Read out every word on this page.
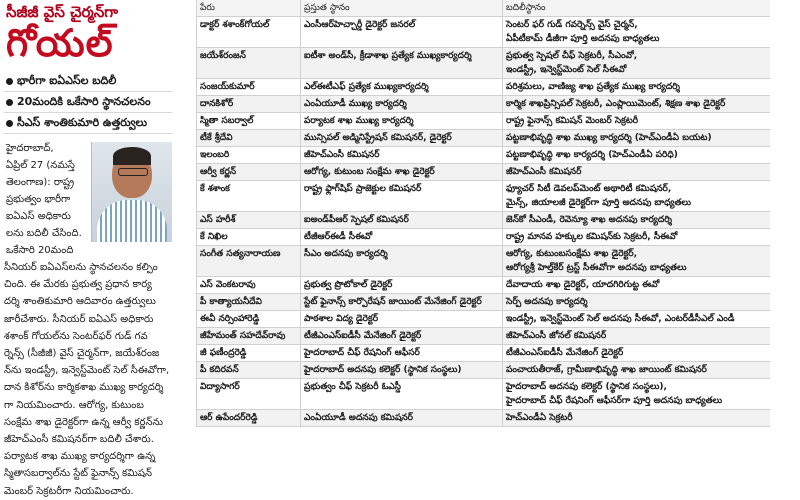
సీజీజీ వైస్ చైర్మన్‌గా
గోయల్
భారీగా ఐఏఎస్‌ల బదిలీ
20మందికి ఒకేసారి స్థానచలనం
సీఎస్ శాంతికుమారి ఉత్తర్వులు
హైదరాబాద్,
ఏప్రిల్ 27 (నమస్తే
తెలంగాణ): రాష్ట్ర
ప్రభుత్వం భారీగా
ఐఏఎస్ అధికారు
లను బదిలీ చేసింది.
ఒకేసారి 20మంది
సీనియర్ ఐఏఎస్‌లను స్థానచలనం కల్పిం
చింది. ఈ మేరకు ప్రభుత్వ ప్రధాన కార్య
దర్శి శాంతికుమారి ఆదివారం ఉత్తర్వులు
జారీచేశారు. సీనియర్ ఐఏఎస్ అధికారు
శశాంక్ గోయల్‌ను సెంటర్‌ఫర్ గుడ్ గవ
ర్నెన్స్ (సీజీజీ) వైస్ చైర్మన్‌గా, జయేశ్‌రంజ
న్‌ను ఇండస్ట్రీ, ఇన్వెస్ట్‌మెంట్ సెల్ సీఈవోగా,
దాన కిశోర్‌ను కార్మికశాఖ ముఖ్య కార్యదర్శి
గా నియమించారు. ఆరోగ్య, కుటుంబ
సంక్షేమ శాఖ డైరెక్టర్‌గా ఉన్న ఆర్వీ కర్ణన్‌ను
జీహెచ్‌ఎంసీ కమిషనర్‌గా బదిలీ చేశారు.
పర్యాటక శాఖ ముఖ్య కార్యదర్శిగా ఉన్న
స్మితాసబర్వాల్‌ను స్టేట్ ఫైనాన్స్ కమిషన్
మెంబర్ సెక్రటరీగా నియమించారు.
పేరు	ప్రస్తుత స్థానం	బదిలీస్థానం
డాక్టర్ శశాంక్‌గోయల్	ఎంసీఆర్‌హెచ్చార్డీ డైరెక్టర్ జనరల్	సెంటర్ ఫర్ గుడ్ గవర్నెన్స్ వైస్ చైర్మన్,
ఏపీటీకామ్ డీజీగా పూర్తి అదనపు బాధ్యతలు

జయేశ్‌రంజన్	ఐటీశా అండ్‌సీ, క్రీడాశాఖ ప్రత్యేక ముఖ్యకార్యదర్శి	ప్రభుత్వ స్పెషల్ చీఫ్ సెక్రటరీ, సీఎంవో,
ఇండస్ట్రీ, ఇన్వెస్ట్‌మెంట్ సెల్ సీఈవో

సంజయ్‌కుమార్	ఎల్ఈటీఎఫ్ ప్రత్యేక ముఖ్యకార్యదర్శి	పరిశ్రమలు, వాణిజ్య శాఖ ప్రత్యేక ముఖ్య కార్యదర్శి

దానకిశోర్	ఎంఏయూడీ ముఖ్య కార్యదర్శి	కార్మిక శాఖప్రిన్సిపల్ సెక్రటరీ, ఎంప్లాయిమెంట్, శిక్షణ శాఖ డైరెక్టర్

స్మితా సబర్వాల్	పర్యాటక శాఖ ముఖ్య కార్యదర్శి	రాష్ట్ర ఫైనాన్స్ కమిషన్ మెంబర్ సెక్రటరీ

టీకే శ్రీదేవి	మున్సిపల్ అడ్మినిస్ట్రేషన్ కమిషనర్, డైరెక్టర్	పట్టణాభివృద్ధి శాఖ ముఖ్య కార్యదర్శి (హెచ్ఎండీఏ బయట)

ఇలంబరి	జీహెచ్ఎంసీ కమిషనర్	పట్టణాభివృద్ధి శాఖ కార్యదర్శి (హెచ్ఎండీఏ పరిధి)

ఆర్వీ కర్ణన్	ఆరోగ్య, కుటుంబ సంక్షేమ శాఖ డైరెక్టర్	జీహెచ్ఎంసీ కమిషనర్

కే శశాంక	రాష్ట్ర ఫ్లాగ్‌షిప్ ప్రాజెక్టుల కమిషనర్	ఫ్యూచర్ సిటీ డెవలప్‌మెంట్ అథారిటీ కమిషనర్,
మైన్స్, జియాలజీ డైరెక్టర్‌గా పూర్తి అదనపు బాధ్యతలు

ఎస్ హరీశ్	ఐఅండ్‌పీఆర్ స్పెషల్ కమిషనర్	జెన్‌కో సీఎండీ, రెవెన్యూ శాఖ అదనపు కార్యదర్శి

కే నిఖిల	టీజీఆర్‌ఈడీ సీఈవో	రాష్ట్ర మానవ హక్కుల కమిషన్‌కు సెక్రటరీ, సీఈవో

సంగీత సత్యనారాయణ	సీఎం అదనపు కార్యదర్శి	ఆరోగ్య, కుటుంబసంక్షేమ శాఖ డైరెక్టర్,
ఆరోగ్యశ్రీ హెల్త్‌కేర్ ట్రస్ట్ సీఈవోగా అదనపు బాధ్యతలు

ఎస్ వెంకటరావు	ప్రభుత్వ ప్రొటోకాల్ డైరెక్టర్	దేవాదాయ శాఖ డైరెక్టర్, యాదగిరిగుట్ట ఈవో

పీ కాత్యాయనీదేవి	స్టేట్ ఫైనాన్స్ కార్పొరేషన్ జాయింట్ మేనేజింగ్ డైరెక్టర్	సెర్ప్ అదనపు కార్యదర్శి

ఈవీ నర్సింహారెడ్డి	పాఠశాల విద్య డైరెక్టర్	ఇండస్ట్రీ, ఇన్వెస్ట్‌మెంట్ సెల్ అదనపు సీఈవో, ఎంటర్‌డీసీఎల్ ఎండీ

జీహేమంత్ సహదేవ్‌రావు	టీజీఎంఎస్‌ఐడీసీ మేనేజింగ్ డైరెక్టర్	జీహెచ్ఎంసీ జోనల్ కమిషనర్

జీ ఫణీంద్రరెడ్డి	హైదరాబాద్ చీఫ్ రేషనింగ్ ఆఫీసర్	టీజీఎంఎస్‌ఐడీసీ మేనేజింగ్ డైరెక్టర్

పీ కదిరవన్	హైదరాబాద్ అదనపు కలెక్టర్ (స్థానిక సంస్థలు)	పంచాయతీరాజ్, గ్రామీణాభివృద్ధి శాఖ జాయింట్ కమిషనర్

విద్యాసాగర్	ప్రభుత్వం చీఫ్ సెక్రటరీ ఓఎస్డీ	హైదరాబాద్ అదనపు కలెక్టర్ (స్థానిక సంస్థలు),
హైదరాబాద్ చీఫ్ రేషనింగ్ ఆఫీసర్‌గా పూర్తి అదనపు బాధ్యతలు

ఆర్ ఉపేందర్‌రెడ్డి	ఎంఏయూడీ అదనపు కమిషనర్	హెచ్ఎండీఏ సెక్రటరీ
